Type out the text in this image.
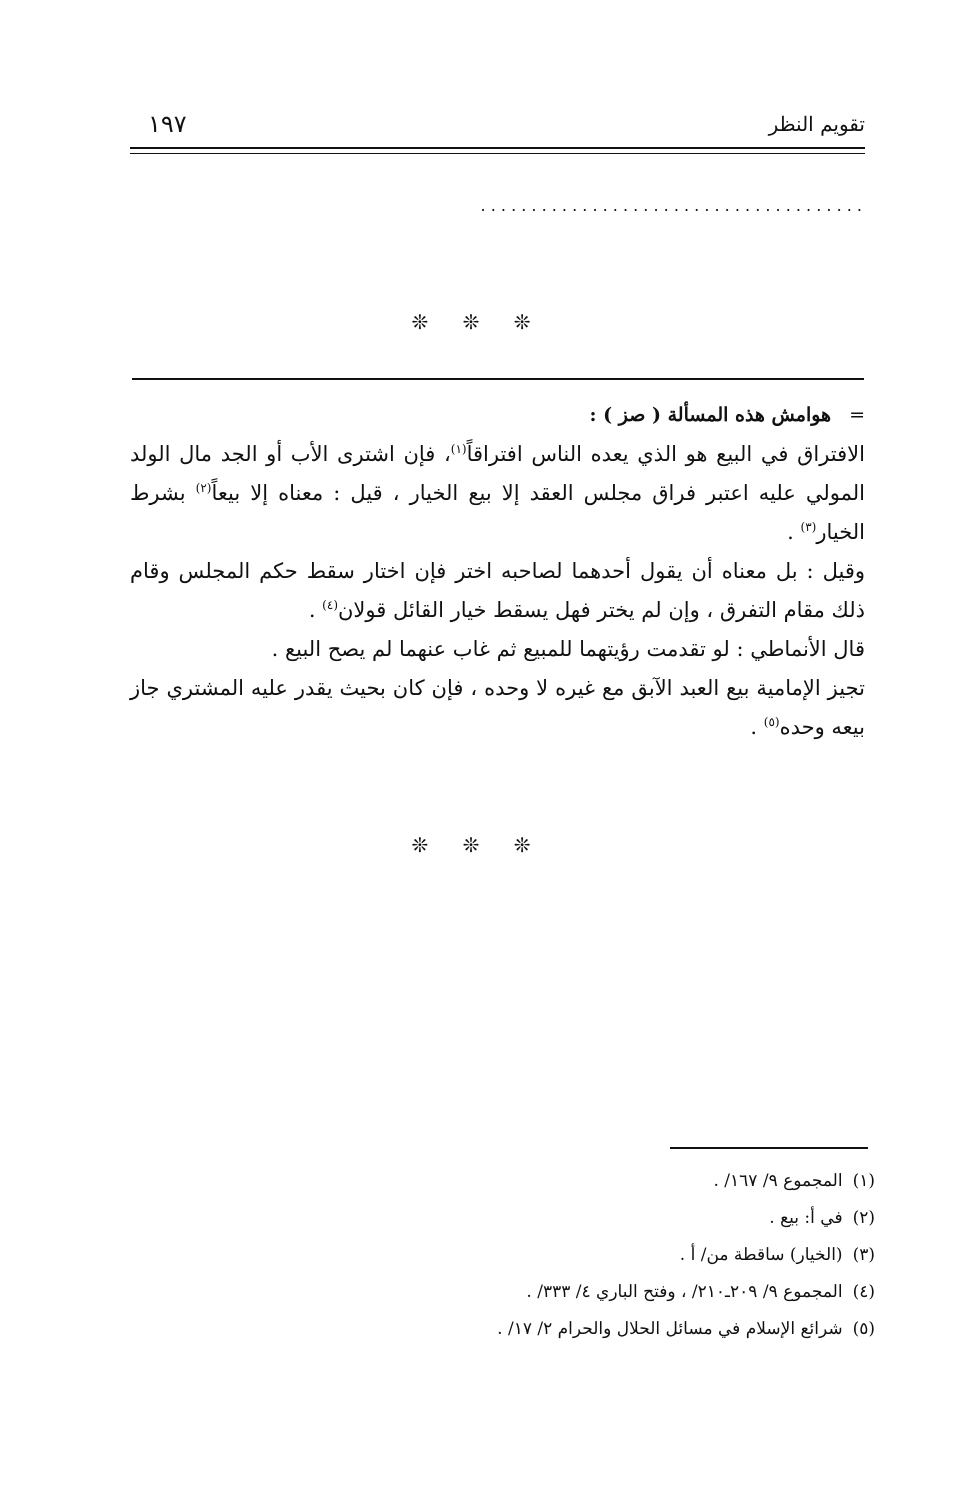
تقويم النظر
١٩٧
. . . . . . . . . . . . . . . . . . . . . . . . . . . . . . . . . . . . . .
❊ ❊ ❊
=هوامش هذه المسألة ( صز ) :

الافتراق في البيع هو الذي يعده الناس افتراقاً$^{(١)}$، فإن اشترى الأب أو الجد مال الولد المولي عليه اعتبر فراق مجلس العقد إلا بيع الخيار ، قيل : معناه إلا بيعاً$^{(٢)}$ بشرط الخيار$^{(٣)}$ .

وقيل : بل معناه أن يقول أحدهما لصاحبه اختر فإن اختار سقط حكم المجلس وقام ذلك مقام التفرق ، وإن لم يختر فهل يسقط خيار القائل قولان$^{(٤)}$ .

قال الأنماطي : لو تقدمت رؤيتهما للمبيع ثم غاب عنهما لم يصح البيع .

تجيز الإمامية بيع العبد الآبق مع غيره لا وحده ، فإن كان بحيث يقدر عليه المشتري جاز بيعه وحده$^{(٥)}$ .

❊ ❊ ❊
(١)المجموع ٩/ ١٦٧/ .
(٢)في أ: بيع .
(٣)(الخيار) ساقطة من/ أ .
(٤)المجموع ٩/ ٢٠٩ـ٢١٠/ ، وفتح الباري ٤/ ٣٣٣/ .
(٥)شرائع الإسلام في مسائل الحلال والحرام ٢/ ١٧/ .
